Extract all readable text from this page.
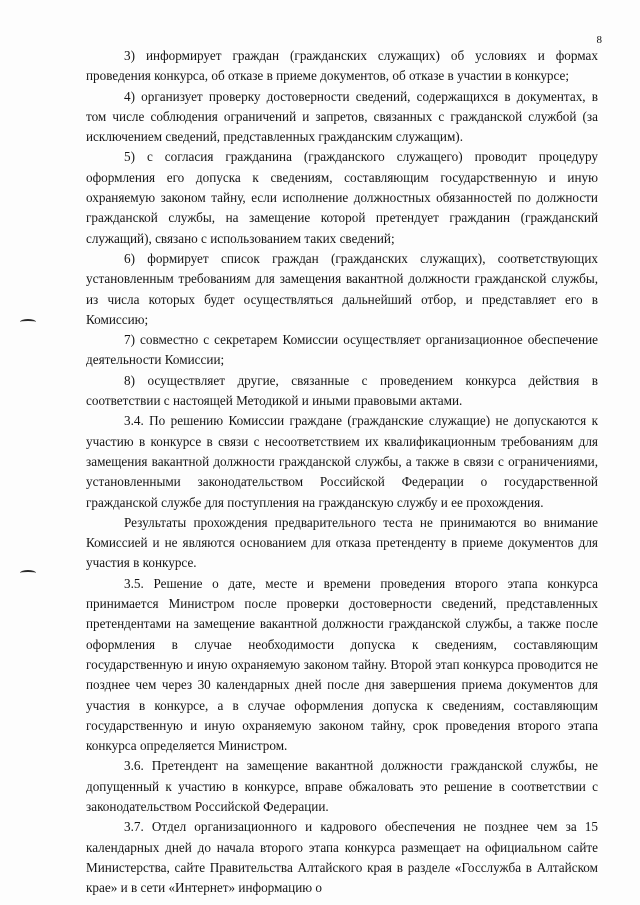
8

3) информирует граждан (гражданских служащих) об условиях и формах проведения конкурса, об отказе в приеме документов, об отказе в участии в конкурсе;

4) организует проверку достоверности сведений, содержащихся в документах, в том числе соблюдения ограничений и запретов, связанных с гражданской службой (за исключением сведений, представленных гражданским служащим).

5) с согласия гражданина (гражданского служащего) проводит процедуру оформления его допуска к сведениям, составляющим государственную и иную охраняемую законом тайну, если исполнение должностных обязанностей по должности гражданской службы, на замещение которой претендует гражданин (гражданский служащий), связано с использованием таких сведений;

6) формирует список граждан (гражданских служащих), соответствующих установленным требованиям для замещения вакантной должности гражданской службы, из числа которых будет осуществляться дальнейший отбор, и представляет его в Комиссию;

7) совместно с секретарем Комиссии осуществляет организационное обеспечение деятельности Комиссии;

8) осуществляет другие, связанные с проведением конкурса действия в соответствии с настоящей Методикой и иными правовыми актами.

3.4. По решению Комиссии граждане (гражданские служащие) не допускаются к участию в конкурсе в связи с несоответствием их квалификационным требованиям для замещения вакантной должности гражданской службы, а также в связи с ограничениями, установленными законодательством Российской Федерации о государственной гражданской службе для поступления на гражданскую службу и ее прохождения.

Результаты прохождения предварительного теста не принимаются во внимание Комиссией и не являются основанием для отказа претенденту в приеме документов для участия в конкурсе.

3.5. Решение о дате, месте и времени проведения второго этапа конкурса принимается Министром после проверки достоверности сведений, представленных претендентами на замещение вакантной должности гражданской службы, а также после оформления в случае необходимости допуска к сведениям, составляющим государственную и иную охраняемую законом тайну. Второй этап конкурса проводится не позднее чем через 30 календарных дней после дня завершения приема документов для участия в конкурсе, а в случае оформления допуска к сведениям, составляющим государственную и иную охраняемую законом тайну, срок проведения второго этапа конкурса определяется Министром.

3.6. Претендент на замещение вакантной должности гражданской службы, не допущенный к участию в конкурсе, вправе обжаловать это решение в соответствии с законодательством Российской Федерации.

3.7. Отдел организационного и кадрового обеспечения не позднее чем за 15 календарных дней до начала второго этапа конкурса размещает на официальном сайте Министерства, сайте Правительства Алтайского края в разделе «Госслужба в Алтайском крае» и в сети «Интернет» информацию о
